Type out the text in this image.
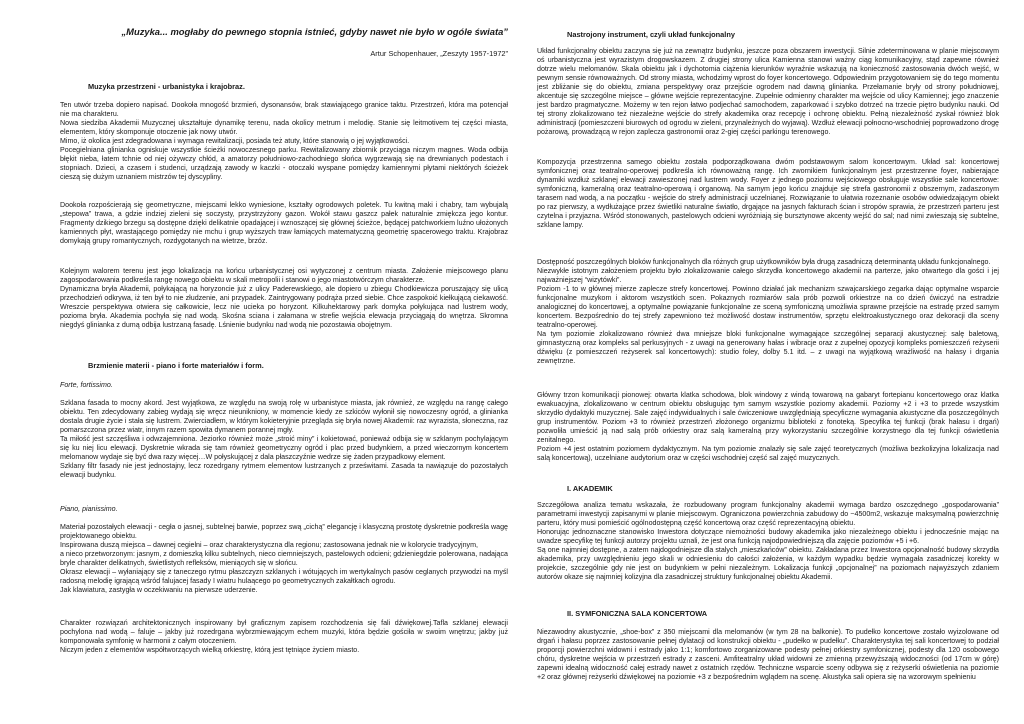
„Muzyka... mogłaby do pewnego stopnia istnieć, gdyby nawet nie było w ogóle świata”
Artur Schopenhauer, „Zeszyty 1957-1972”
Muzyka przestrzeni - urbanistyka i krajobraz.

Ten utwór trzeba dopiero napisać. Dookoła mnogość brzmień, dysonansów, brak stawiającego granice taktu. Przestrzeń, która ma potencjał nie ma charakteru.
Nowa siedziba Akademii Muzycznej ukształtuje dynamikę terenu, nada okolicy metrum i melodię. Stanie się leitmotivem tej części miasta, elementem, który skomponuje otoczenie jak nowy utwór.
Mimo, iż okolica jest zdegradowana i wymaga rewitalizacji, posiada też atuty, które stanowią o jej wyjątkowości.
Pocegielniana glinianka ogniskuje wszystkie ścieżki nowoczesnego parku. Rewitalizowany zbiornik przyciąga niczym magnes. Woda odbija błękit nieba, łatem tchnie od niej ożywczy chłód, a amatorzy południowo-zachodniego słońca wygrzewają się na drewnianych podestach i stopniach. Dzieci, a czasem i studenci, urządzają zawody w kaczki - otoczaki wyspane pomiędzy kamiennymi płytami niektórych ścieżek cieszą się dużym uznaniem mistrzów tej dyscypliny.

Dookoła rozpościerają się geometryczne, miejscami lekko wyniesione, kształty ogrodowych poletek. Tu kwitną maki i chabry, tam wybujalą „stepowa” trawa, a gdzie indziej zieleni się soczysty, przystrzyżony gazon. Wokół stawu gaszcz pałek naturalnie zmiękcza jego kontur. Fragmenty dzikiego brzegu są dostępne dzięki delikatnie opadającej i wznoszącej się głównej ścieżce, będącej patchworkiem luźno ułożonych kamiennych płyt, wrastającego pomiędzy nie mchu i grup wyższych traw łamiących matematyczną geometrię spacerowego traktu. Krajobraz domykają grupy romantycznych, rozdygotanych na wietrze, brzóz.

Kolejnym walorem terenu jest jego lokalizacja na końcu urbanistycznej osi wytyczonej z centrum miasta. Założenie miejscowego planu zagospodarowania podkreśla rangę nowego obiektu w skali metropolii i stanowi o jego miastotwórczym charakterze.
Dynamiczna bryła Akademii, połykającą na horyzoncie już z ulicy Paderewskiego, ale dopiero u zbiegu Chodkiewicza poruszający się ulicą przechodzień odkrywa, iż ten był to nie złudzenie, ani przypadek. Zaintrygowany podrąża przed siebie. Chce zaspokoić kiełkującą ciekawość. Wreszcie perspektywa otwiera się całkowicie, lecz nie ucieka po horyzont. Kilkuhektarowy park domyka połykująca nad lustrem wody, pozioma bryła. Akademia pochyła się nad wodą. Skośna sciana i załamana w strefie wejścia elewacja przyciągają do wnętrza. Skromna niegdyś glinianka z dumą odbija lustrzaną fasadę. Lśnienie budynku nad wodą nie pozostawia obojętnym.

Brzmienie materii - piano i forte materiałów i form.
Forte, fortissimo.

Szklana fasada to mocny akord. Jest wyjątkowa, ze względu na swoją rolę w urbanistyce miasta, jak również, ze względu na rangę całego obiektu. Ten zdecydowany zabieg wydają się wręcz nieunikniony, w momencie kiedy ze szkiców wyłonił się nowoczesny ogród, a glinianka dostala drugie życie i stała się lustrem. Zwierciadłem, w którym kokieteryjnie przegląda się bryła nowej Akademii: raz wyrazista, słoneczna, raz pomarszczona przez wiatr, innym razem spowita dymanem porannej mgły.
Ta miłość jest szczęśliwa i odwzajemniona. Jeziorko również może „stroić miny” i kokietować, ponieważ odbija się w szklanym pochylającym się ku niej licu elewacji. Dyskretnie wkrada się tam również geometryczny ogród i plac przed budynkiem, a przed wieczornym koncertem melomanow wydaje się być dwa razy więcej…W połyskującej z dala płaszczyźnie wedrze się żaden przypadkowy element.
Szklany filtr fasady nie jest jednostajny, lecz rozedrgany rytmem elementow lustrzanych z prześwitami. Zasada ta nawiązuje do pozostałych elewacji budynku.

Piano, pianissimo.

Materiał pozostałych elewacji - cegła o jasnej, subtelnej barwie, poprzez swą „cichą” elegancję i klasyczną prostotę dyskretnie podkreśla wagę projektowanego obiektu.
Inspirowana duszą miejsca – dawnej cegielni – oraz charakterystyczna dla regionu; zastosowana jednak nie w kolorycie tradycyjnym,
a nieco przetworzonym: jasnym, z domieszką kilku subtelnych, nieco ciemniejszych, pastelowych odcieni; gdzieniegdzie polerowana, nadająca bryle charakter delikatnych, świetlistych refleksów, mieniących się w słońcu.
Okrasz elewacji – wyłaniający się z taneczego rytmu płaszczyzn szklanych i wótujących im wertykalnych pasów ceglanych przywodzi na myśl radosną melodię igrającą wśród falujacej fasady I wiatru hulaącego po geometrycznych zakałtkach ogrodu.
Jak klawiatura, zastygła w oczekiwaniu na pierwsze uderzenie.

Charakter rozwiązań architektonicznych inspirowany był graficznym zapisem rozchodzenia się fali dźwiękowej.Tafla szklanej elewacji pochylona nad wodą – faluje – jakby już rozedrgana wybrzmiewającym echem muzyki, która będzie gościła w swoim wnętrzu; jakby już komponowała symfonię w harmonii z całym otoczeniem.
Niczym jeden z elementów współtworzących wielką orkiestrę, którą jest tętniące życiem miasto.

Nastrojony instrument, czyli układ funkcjonalny

Układ funkcjonalny obiektu zaczyna się już na zewnątrz budynku, jeszcze poza obszarem inwestycji. Silnie zdeterminowana w planie miejscowym oś urbanistyczna jest wyrazistym drogowskazem. Z drugiej strony ulica Kamienna stanowi ważny ciąg komunikacyjny, stąd zapewne również dotrze wielu melomanów. Skala obiektu jak i dychotomia ciążenia kierunków wyraźnie wskazują na konieczność zastosowania dwóch wejść, w pewnym sensie równoważnych. Od strony miasta, wchodzimy wprost do foyer koncertowego. Odpowiednim przygotowaniem się do tego momentu jest zbliżanie się do obiektu, zmiana perspektywy oraz przejście ogrodem nad dawną glinianka. Przełamanie bryły od strony południowej, akcentuje się szczególne miejsce – główne wejście reprezentacyjne. Zupełnie odmienny charakter ma wejście od ulicy Kamiennej; jego znaczenie jest bardzo pragmatyczne. Możemy w ten rejon łatwo podjechać samochodem, zaparkować i szybko dotrzeć na trzecie piętro budynku nauki. Od tej strony zlokalizowano też niezależne wejście do strefy akademika oraz recepcję i ochronę obiektu. Pełną niezależność zyskał również blok administracji (pomieszczeni biurowych od ogrodu w zieleni, przynależnych do wyjawą). Wzdłuż elewacji połnocno-wschodniej poprowadzono drogę pożarową, prowadzącą w rejon zaplecza gastronomii oraz 2-giej części parkingu terenowego.

Kompozycja przestrzenna samego obiektu została podporządkowana dwóm podstawowym salom koncertowym. Układ sal: koncertowej symfonicznej oraz teatralno-operowej podkreśla ich równoważną rangę. Ich zwornikiem funkcjonalnym jest przestrzenne foyer, nabierające dynamiki wzdłuż szklanej elewacji zawieszonej nad lustrem wody. Foyer z jednego poziomu wejściowego obsługuje wszystkie sale koncertowe: symfoniczną, kameralną oraz teatralno-operową i organową. Na samym jego końcu znajduje się strefa gastronomii z obszernym, zadaszonym tarasem nad wodą, a na początku - wejście do strefy administracji uczelnianej. Rozwiązanie to ułatwia rozeznanie osobów odwiedzającym obiekt po raz pierwszy, a wydłużające przez świetliki naturalne światło, drgające na jasnych fakturach ścian i stropów sprawia, że przestrzeń parteru jest czytelna i przyjazna. Wśród stonowanych, pastelowych odcieni wyróżniają się bursztynowe akcenty wejść do sal; nad nimi zwieszają się subtelne, szklane lampy.

Dostępność poszczególnych bloków funkcjonalnych dla różnych grup użytkowników była drugą zasadniczą determinantą układu funkcjonalnego.
Niezwykłe istotnym założeniem projektu było zlokalizowanie całego skrzydła koncertowego akademii na parterze, jako otwartego dla gości i jej najważniejszej “wizytówki”.
Poziom -1 to w głównej mierze zaplecze strefy koncertowej. Powinno działać jak mechanizm szwajcarskiego zegarka dając optymalne wsparcie funkcjonalne muzykom i aktorom wszystkich scen. Pokaznych rozmiarów sala prób pozwoli orkiestrze na co dzień ćwiczyć na estradzie analogicznej do koncertowej, a optymalne powiązanie funkcjonalne ze sceną symfoniczną umożliwia sprawne przejście na estradę przed samym koncertem. Bezpośrednio do tej strefy zapewniono też możliwość dostaw instrumentów, sprzętu elektroakustycznego oraz dekoracji dla sceny teatralno-operowej.
Na tym poziomie zlokalizowano również dwa mniejsze bloki funkcjonalne wymagające szczególnej separacji akustycznej: salę baletową, gimnastyczną oraz kompleks sal perkusyjnych - z uwagi na generowany hałas i wibracje oraz z zupełnej opozycji kompleks pomieszczeń reżyserii dźwięku (z pomieszczeń reżyserek sal koncertowych): studio foley, dolby 5.1 itd. – z uwagi na wyjątkową wrażliwość na hałasy i drgania zewnętrzne.

Główny trzon komunikacji pionowej: otwarta klatka schodowa, blok windowy z windą towarową na gabaryt fortepianu koncertowego oraz klatka ewakuacyjna, zlokalizowano w centrum obiektu obsługując tym samym wszystkie poziomy akademii. Poziomy +2 i +3 to przede wszystkim skrzydło dydaktyki muzycznej. Sale zajęć indywidualnych i sale ćwiczeniowe uwzględniają specyficzne wymagania akustyczne dla poszczególnych grup instrumentów. Poziom +3 to również przestrzeń złożonego organizmu biblioteki z fonoteką. Specyfika tej funkcji (brak hałasu i drgań) pozwoliła umieścić ją nad salą prób orkiestry oraz salą kameralną przy wykorzystaniu szczególnie korzystnego dla tej funkcji oświetlenia zenitalnego.
Poziom +4 jest ostatnim poziomem dydaktycznym. Na tym poziomie znalazły się sale zajęć teoretycznych (możliwa bezkolizyjna lokalizacja nad salą koncertową), uczelniane audytorium oraz w części wschodniej część sal zajęć muzycznych.

I. AKADEMIK

Szczegółowa analiza tematu wskazała, że rozbudowany program funkcjonalny akademii wymaga bardzo oszczędnego „gospodarowania” parametrami inwestycji zapisanymi w planie miejscowym. Ograniczona powierzchnia zabudowy do ~4500m2, wskazuje maksymalną powierzchnię parteru, który musi pomieścić ogólnodostępną część koncertową oraz część reprezentacyjną obiektu.
Honorując jednoznaczne stanowisko Inwestora dotyczące niemożności budowy akademika jako niezależnego obiektu i jednocześnie mając na uwadze specyfikę tej funkcji autorzy projektu uznali, że jest ona funkcją najodpowiedniejszą dla zajęcie poziomów +5 i +6.
Są one najmniej dostępne, a zatem najdogodniejsze dla stalych „mieszkańców” obiektu. Zakładana przez Inwestora opcjonalność budowy skrzydła akademika, przy uwzględnieniu jego skali w odniesieniu do całości założenia, w każdym wypadku będzie wymagała zasadniczej korekty w projekcie, szczególnie gdy nie jest on budynkiem w pełni niezależnym. Lokalizacja funkcji „opcjonalnej” na poziomach najwyższych zdaniem autorów okaze się najmniej kolizyjna dla zasadniczej struktury funkcjonalnej obiektu Akademii.

II. SYMFONICZNA SALA KONCERTOWA

Niezawodny akustycznie, „shoe-box” z 350 miejscami dla melomanów (w tym 28 na balkonie). To pudełko koncertowe zostało wyizolowane od drgań i hałasu poprzez zastosowanie pełnej dylatacji od konstrukcji obiektu - „pudełko w pudełku”. Charakterystyka tej sali koncertowej to podział proporcji powierzchni widowni i estrady jako 1:1; komfortowo zorganizowane podesty pełnej orkiestry symfonicznej, podesty dla 120 osobowego chóru, dyskretne wejścia w przestrzeń estrady z zasceni. Amfiteatralny układ widowni ze zmienną przewyższają widoczności (od 17cm w górę) zapewni idealną widoczność całej estrady nawet z ostatnich rzędów. Techniczne wsparcie sceny odbywa się z reżyserki oświetlenia na poziomie +2 oraz głównej reżyserki dźwiękowej na poziomie +3 z bezpośrednim wglądem na scenę. Akustyka sali opiera się na wzorowym spełnieniu
